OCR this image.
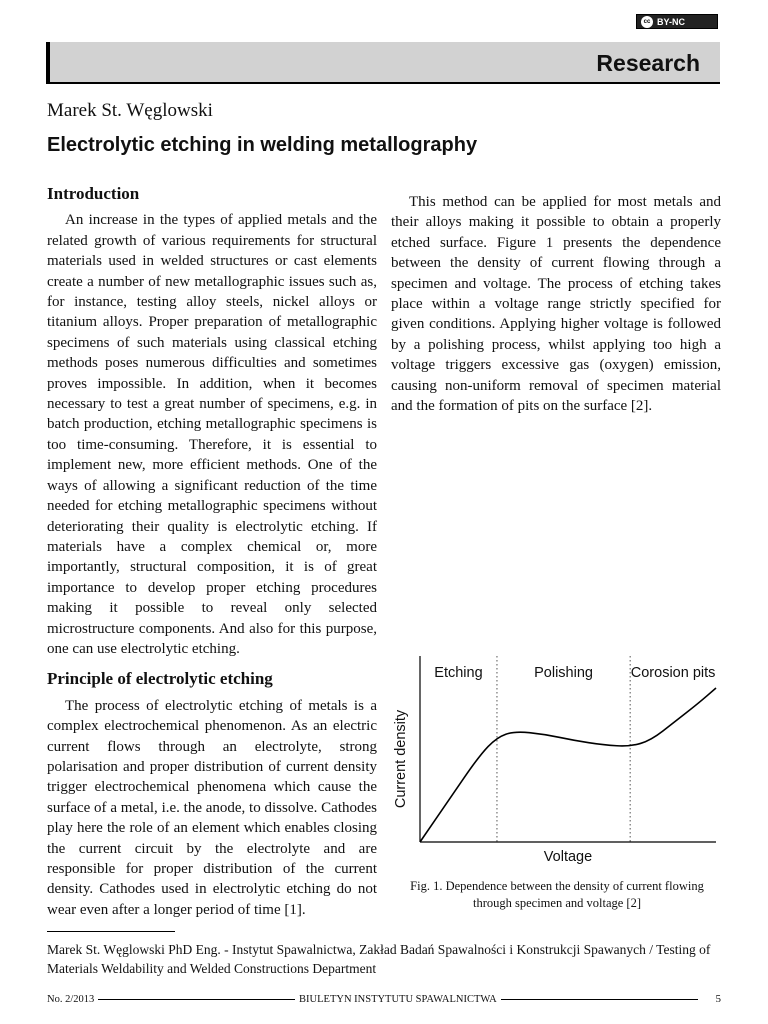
cc BY-NC
Research
Marek St. Węglowski
Electrolytic etching in welding metallography
Introduction

An increase in the types of applied metals and the related growth of various requirements for structural materials used in welded structures or cast elements create a number of new metallographic issues such as, for instance, testing alloy steels, nickel alloys or titanium alloys. Proper preparation of metallographic specimens of such materials using classical etching methods poses numerous difficulties and sometimes proves impossible. In addition, when it becomes necessary to test a great number of specimens, e.g. in batch production, etching metallographic specimens is too time-consuming. Therefore, it is essential to implement new, more efficient methods. One of the ways of allowing a significant reduction of the time needed for etching metallographic specimens without deteriorating their quality is electrolytic etching. If materials have a complex chemical or, more importantly, structural composition, it is of great importance to develop proper etching procedures making it possible to reveal only selected microstructure components. And also for this purpose, one can use electrolytic etching.

Principle of electrolytic etching

The process of electrolytic etching of metals is a complex electrochemical phenomenon. As an electric current flows through an electrolyte, strong polarisation and proper distribution of current density trigger electrochemical phenomena which cause the surface of a metal, i.e. the anode, to dissolve. Cathodes play here the role of an element which enables closing the current circuit by the electrolyte and are responsible for proper distribution of the current density. Cathodes used in electrolytic etching do not wear even after a longer period of time [1].

This method can be applied for most metals and their alloys making it possible to obtain a properly etched surface. Figure 1 presents the dependence between the density of current flowing through a specimen and voltage. The process of etching takes place within a voltage range strictly specified for given conditions. Applying higher voltage is followed by a polishing process, whilst applying too high a voltage triggers excessive gas (oxygen) emission, causing non-uniform removal of specimen material and the formation of pits on the surface [2].

Etching	Polishing	Corosion pits
Voltage
Current density
Fig. 1. Dependence between the density of current flowing through specimen and voltage [2]
Marek St. Węglowski PhD Eng. - Instytut Spawalnictwa, Zakład Badań Spawalności i Konstrukcji Spawanych / Testing of Materials Weldability and Welded Constructions Department
No. 2/2013	BIULETYN INSTYTUTU SPAWALNICTWA	5
